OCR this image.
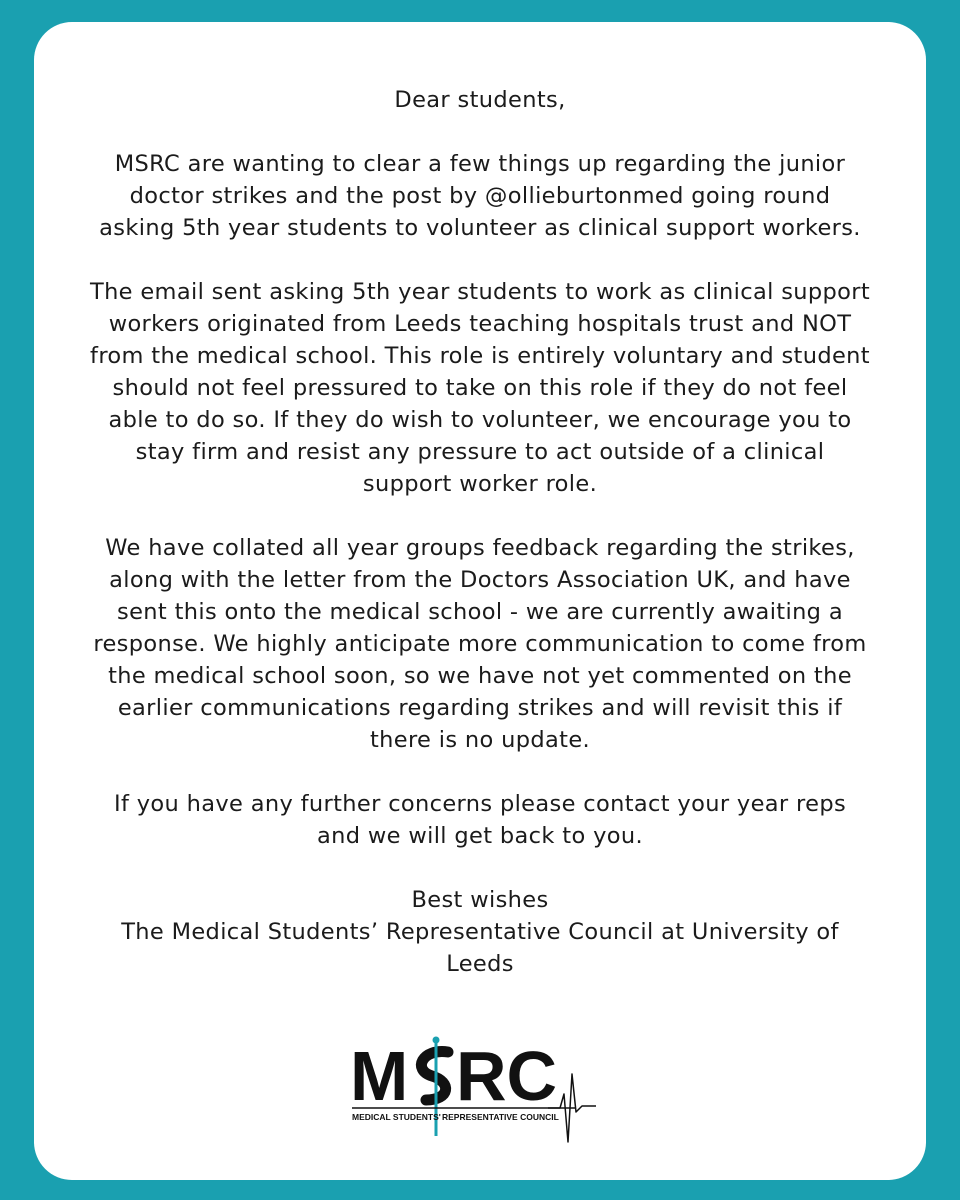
Dear students,

MSRC are wanting to clear a few things up regarding the junior
doctor strikes and the post by @ollieburtonmed going round
asking 5th year students to volunteer as clinical support workers.

The email sent asking 5th year students to work as clinical support
workers originated from Leeds teaching hospitals trust and NOT
from the medical school. This role is entirely voluntary and student
should not feel pressured to take on this role if they do not feel
able to do so. If they do wish to volunteer, we encourage you to
stay firm and resist any pressure to act outside of a clinical
support worker role.

We have collated all year groups feedback regarding the strikes,
along with the letter from the Doctors Association UK, and have
sent this onto the medical school - we are currently awaiting a
response. We highly anticipate more communication to come from
the medical school soon, so we have not yet commented on the
earlier communications regarding strikes and will revisit this if
there is no update.

If you have any further concerns please contact your year reps
and we will get back to you.

Best wishes
The Medical Students’ Representative Council at University of
Leeds

M RC
MEDICAL STUDENTS' REPRESENTATIVE COUNCIL
